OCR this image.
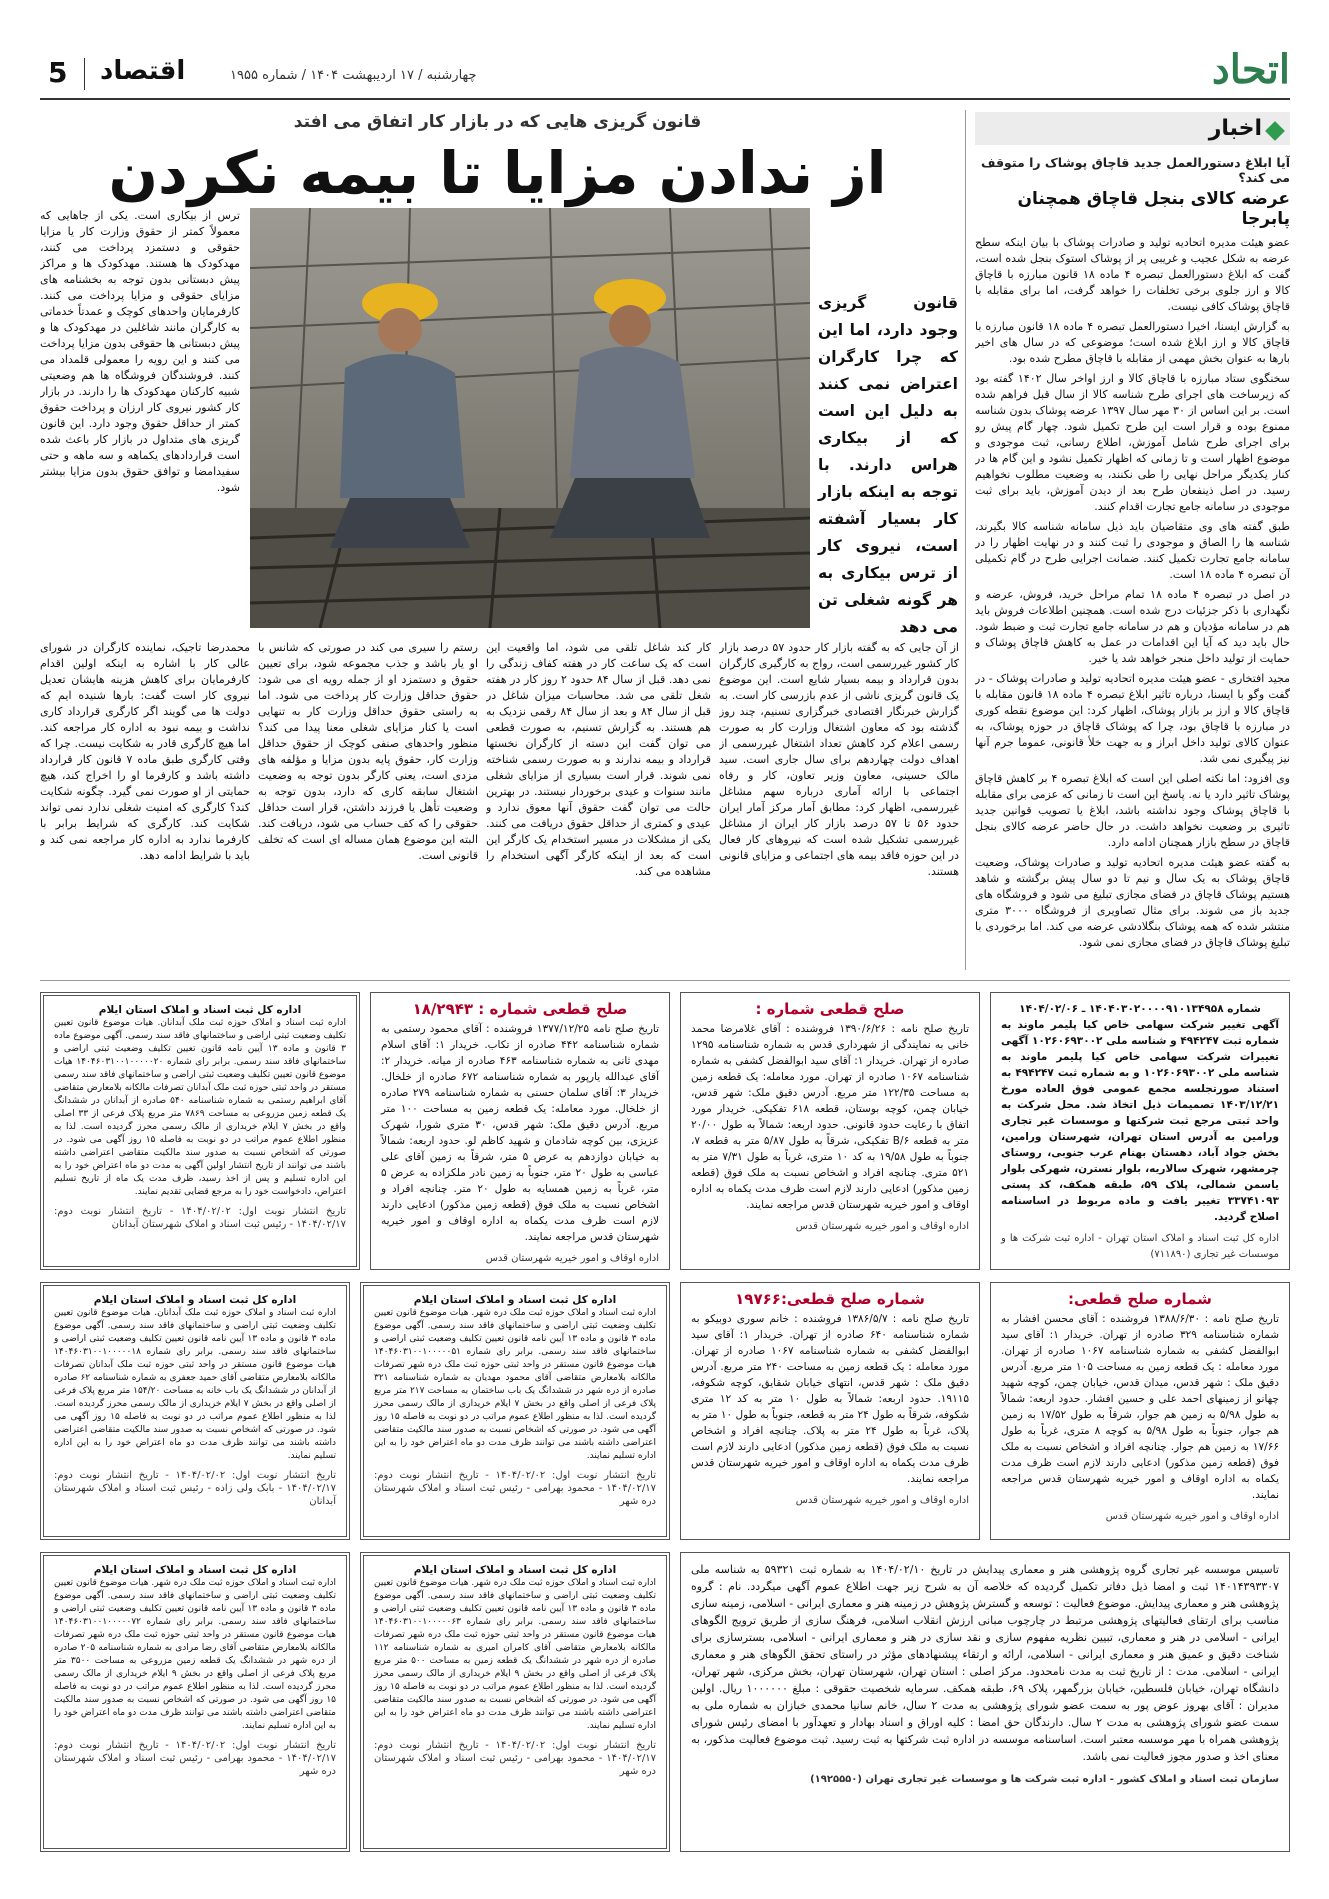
اتحاد
5 اقتصاد	چهارشنبه / ۱۷ اردیبهشت ۱۴۰۴ / شماره ۱۹۵۵
اخبار
آیا ابلاغ دستورالعمل جدید قاچاق پوشاک را متوقف می کند؟
عرضه کالای بنجل قاچاق همچنان پابرجا

عضو هیئت مدیره اتحادیه تولید و صادرات پوشاک با بیان اینکه سطح عرضه به شکل عجیب و غریبی پر از پوشاک استوک بنجل شده است، گفت که ابلاغ دستورالعمل تبصره ۴ ماده ۱۸ قانون مبارزه با قاچاق کالا و ارز جلوی برخی تخلفات را خواهد گرفت، اما برای مقابله با قاچاق پوشاک کافی نیست.

به گزارش ایسنا، اخیرا دستورالعمل تبصره ۴ ماده ۱۸ قانون مبارزه با قاچاق کالا و ارز ابلاغ شده است؛ موضوعی که در سال های اخیر بارها به عنوان بخش مهمی از مقابله با قاچاق مطرح شده بود.

سخنگوی ستاد مبارزه با قاچاق کالا و ارز اواخر سال ۱۴۰۲ گفته بود که زیرساخت های اجرای طرح شناسه کالا از سال قبل فراهم شده است. بر این اساس از ۳۰ مهر سال ۱۳۹۷ عرضه پوشاک بدون شناسه ممنوع بوده و قرار است این طرح تکمیل شود. چهار گام پیش رو برای اجرای طرح شامل آموزش، اطلاع رسانی، ثبت موجودی و موضوع اظهار است و تا زمانی که اظهار تکمیل نشود و این گام ها در کنار یکدیگر مراحل نهایی را طی نکنند، به وضعیت مطلوب نخواهیم رسید. در اصل ذینفعان طرح بعد از دیدن آموزش، باید برای ثبت موجودی در سامانه جامع تجارت اقدام کنند.

طبق گفته های وی متقاضیان باید ذیل سامانه شناسه کالا بگیرند، شناسه ها را الصاق و موجودی را ثبت کنند و در نهایت اظهار را در سامانه جامع تجارت تکمیل کنند. ضمانت اجرایی طرح در گام تکمیلی آن تبصره ۴ ماده ۱۸ است.

در اصل در تبصره ۴ ماده ۱۸ تمام مراحل خرید، فروش، عرضه و نگهداری با ذکر جزئیات درج شده است. همچنین اطلاعات فروش باید هم در سامانه مؤدیان و هم در سامانه جامع تجارت ثبت و ضبط شود. حال باید دید که آیا این اقدامات در عمل به کاهش قاچاق پوشاک و حمایت از تولید داخل منجر خواهد شد یا خیر.

مجید افتخاری - عضو هیئت مدیره اتحادیه تولید و صادرات پوشاک - در گفت وگو با ایسنا، درباره تاثیر ابلاغ تبصره ۴ ماده ۱۸ قانون مقابله با قاچاق کالا و ارز بر بازار پوشاک، اظهار کرد: این موضوع نقطه کوری در مبارزه با قاچاق بود، چرا که پوشاک قاچاق در حوزه پوشاک، به عنوان کالای تولید داخل ابراز و به جهت خلأ قانونی، عموما جرم آنها نیز پیگیری نمی شد.

وی افزود: اما نکته اصلی این است که ابلاغ تبصره ۴ بر کاهش قاچاق پوشاک تاثیر دارد یا نه. پاسخ این است تا زمانی که عزمی برای مقابله با قاچاق پوشاک وجود نداشته باشد، ابلاغ یا تصویب قوانین جدید تاثیری بر وضعیت نخواهد داشت. در حال حاضر عرضه کالای بنجل قاچاق در سطح بازار همچنان ادامه دارد.

به گفته عضو هیئت مدیره اتحادیه تولید و صادرات پوشاک، وضعیت قاچاق پوشاک به یک سال و نیم تا دو سال پیش برگشته و شاهد هستیم پوشاک قاچاق در فضای مجازی تبلیغ می شود و فروشگاه های جدید باز می شوند. برای مثال تصاویری از فروشگاه ۳۰۰۰ متری منتشر شده که همه پوشاک بنگلادشی عرضه می کند. اما برخوردی با تبلیغ پوشاک قاچاق در فضای مجازی نمی شود.

قانون گریزی هایی که در بازار کار اتفاق می افتد
از ندادن مزایا تا بیمه نکردن
قانون گریزی وجود دارد، اما این که چرا کارگران اعتراض نمی کنند به دلیل این است که از بیکاری هراس دارند. با توجه به اینکه بازار کار بسیار آشفته است، نیروی کار از ترس بیکاری به هر گونه شغلی تن می دهد
ترس از بیکاری است. یکی از جاهایی که معمولاً کمتر از حقوق وزارت کار یا مزایا حقوقی و دستمزد پرداخت می کنند، مهدکودک ها هستند. مهدکودک ها و مراکز پیش دبستانی بدون توجه به بخشنامه های مزایای حقوقی و مزایا پرداخت می کنند. کارفرمایان واحدهای کوچک و عمدتاً خدماتی به کارگران مانند شاغلین در مهدکودک ها و پیش دبستانی ها حقوقی بدون مزایا پرداخت می کنند و این رویه را معمولی قلمداد می کنند. فروشندگان فروشگاه ها هم وضعیتی شبیه کارکنان مهدکودک ها را دارند. در بازار کار کشور نیروی کار ارزان و پرداخت حقوق کمتر از حداقل حقوق وجود دارد. این قانون گریزی های متداول در بازار کار باعث شده است قراردادهای یکماهه و سه ماهه و حتی سفیدامضا و توافق حقوق بدون مزایا بیشتر شود.
محمدرضا تاجیک، نماینده کارگران در شورای عالی کار با اشاره به اینکه اولین اقدام کارفرمایان برای کاهش هزینه هایشان تعدیل نیروی کار است گفت: بارها شنیده ایم که دولت ها می گویند اگر کارگری قرارداد کاری نداشت و بیمه نبود به اداره کار مراجعه کند. اما هیچ کارگری قادر به شکایت نیست. چرا که وقتی کارگری طبق ماده ۷ قانون کار قرارداد داشته باشد و کارفرما او را اخراج کند، هیچ حمایتی از او صورت نمی گیرد. چگونه شکایت کند؟ کارگری که امنیت شغلی ندارد نمی تواند شکایت کند. کارگری که شرایط برابر با کارفرما ندارد به اداره کار مراجعه نمی کند و باید با شرایط ادامه دهد.
رستم را سیری می کند در صورتی که شانس با او یار باشد و جذب مجموعه شود، برای تعیین حقوق و دستمزد او از جمله رویه ای می شود: حقوق حداقل وزارت کار پرداخت می شود. اما به راستی حقوق حداقل وزارت کار به تنهایی است یا کنار مزایای شغلی معنا پیدا می کند؟ منظور واحدهای صنفی کوچک از حقوق حداقل وزارت کار، حقوق پایه بدون مزایا و مؤلفه های مزدی است، یعنی کارگر بدون توجه به وضعیت اشتغال سابقه کاری که دارد، بدون توجه به وضعیت تأهل یا فرزند داشتن، قرار است حداقل حقوقی را که کف حساب می شود، دریافت کند. البته این موضوع همان مساله ای است که تخلف قانونی است.
کار کند شاغل تلقی می شود، اما واقعیت این است که یک ساعت کار در هفته کفاف زندگی را نمی دهد. قبل از سال ۸۴ حدود ۲ روز کار در هفته شغل تلقی می شد. محاسبات میزان شاغل در قبل از سال ۸۴ و بعد از سال ۸۴ رقمی نزدیک به هم هستند. به گزارش تسنیم، به صورت قطعی می توان گفت این دسته از کارگران نخستها قرارداد و بیمه ندارند و به صورت رسمی شناخته نمی شوند. قرار است بسیاری از مزایای شغلی مانند سنوات و عیدی برخوردار نیستند. در بهترین حالت می توان گفت حقوق آنها معوق ندارد و عیدی و کمتری از حداقل حقوق دریافت می کنند. یکی از مشکلات در مسیر استخدام یک کارگر این است که بعد از اینکه کارگر آگهی استخدام را مشاهده می کند.
از آن جایی که به گفته بازار کار حدود ۵۷ درصد بازار کار کشور غیررسمی است، رواج به کارگیری کارگران بدون قرارداد و بیمه بسیار شایع است. این موضوع یک قانون گریزی ناشی از عدم بازرسی کار است. به گزارش خبرنگار اقتصادی خبرگزاری تسنیم، چند روز گذشته بود که معاون اشتغال وزارت کار به صورت رسمی اعلام کرد کاهش تعداد اشتغال غیررسمی از اهداف دولت چهاردهم برای سال جاری است. سید مالک حسینی، معاون وزیر تعاون، کار و رفاه اجتماعی با ارائه آماری درباره سهم مشاغل غیررسمی، اظهار کرد: مطابق آمار مرکز آمار ایران حدود ۵۶ تا ۵۷ درصد بازار کار ایران از مشاغل غیررسمی تشکیل شده است که نیروهای کار فعال در این حوزه فاقد بیمه های اجتماعی و مزایای قانونی هستند.
شماره ۱۴۰۴۰۳۰۲۰۰۰۰۹۱۰۱۳۴۹۵۸ ـ ۱۴۰۴/۰۲/۰۶
آگهی تغییر شرکت سهامی خاص کیا پلیمر ماوند به شماره ثبت ۴۹۴۲۴۷ و شناسه ملی ۱۰۲۶۰۶۹۳۰۰۲ آگهی تغییرات شرکت سهامی خاص کیا پلیمر ماوند به شناسه ملی ۱۰۲۶۰۶۹۳۰۰۲ و به شماره ثبت ۴۹۴۲۴۷ به استناد صورتجلسه مجمع عمومی فوق العاده مورخ ۱۴۰۳/۱۲/۲۱ تصمیمات ذیل اتخاذ شد. محل شرکت به واحد ثبتی مرجع ثبت شرکتها و موسسات غیر تجاری ورامین به آدرس استان تهران، شهرستان ورامین، بخش جواد آباد، دهستان بهنام عرب جنوبی، روستای چرمشهر، شهرک سالاریه، بلوار نسترن، شهرکی بلوار یاسمن شمالی، پلاک ۵۹، طبقه همکف، کد پستی ۳۳۷۴۱۰۹۳ تغییر یافت و ماده مربوط در اساسنامه اصلاح گردید.
اداره کل ثبت اسناد و املاک استان تهران - اداره ثبت شرکت ها و موسسات غیر تجاری (۷۱۱۸۹۰)
صلح قطعی شماره :
تاریخ صلح نامه : ۱۳۹۰/۶/۲۶ فروشنده : آقای غلامرضا محمد خانی به نمایندگی از شهرداری قدس به شماره شناسنامه ۱۲۹۵ صادره از تهران. خریدار ۱: آقای سید ابوالفضل کشفی به شماره شناسنامه ۱۰۶۷ صادره از تهران. مورد معامله: یک قطعه زمین به مساحت ۱۲۲/۳۵ متر مربع. آدرس دقیق ملک: شهر قدس، خیابان چمن، کوچه بوستان، قطعه ۶۱۸ تفکیکی. خریدار مورد اتفاق با رعایت حدود قانونی. حدود اربعه: شمالاً به طول ۲۰/۰۰ متر به قطعه ۶/B تفکیکی، شرقاً به طول ۵/۸۷ متر به قطعه ۷، جنوباً به طول ۱۹/۵۸ به کد ۱۰ متری، غرباً به طول ۷/۳۱ متر به ۵۲۱ متری. چنانچه افراد و اشخاص نسبت به ملک فوق (قطعه زمین مذکور) ادعایی دارند لازم است ظرف مدت یکماه به اداره اوقاف و امور خیریه شهرستان قدس مراجعه نمایند.
اداره اوقاف و امور خیریه شهرستان قدس
صلح قطعی شماره : ۱۸/۲۹۴۳
تاریخ صلح نامه ۱۳۷۷/۱۲/۲۵ فروشنده : آقای محمود رستمی به شماره شناسنامه ۴۴۲ صادره از تکاب. خریدار ۱: آقای اسلام مهدی ثانی به شماره شناسنامه ۴۶۳ صادره از میانه. خریدار ۲: آقای عبدالله یارپور به شماره شناسنامه ۶۷۲ صادره از خلخال. خریدار ۳: آقای سلمان حسنی به شماره شناسنامه ۲۷۹ صادره از خلخال. مورد معامله: یک قطعه زمین به مساحت ۱۰۰ متر مربع. آدرس دقیق ملک: شهر قدس، ۳۰ متری شورا، شهرک عزیزی، بین کوچه شادمان و شهید کاظم لو. حدود اربعه: شمالاً به خیابان دوازدهم به عرض ۵ متر، شرقاً به زمین آقای علی عباسی به طول ۲۰ متر، جنوباً به زمین نادر ملکزاده به عرض ۵ متر، غرباً به زمین همسایه به طول ۲۰ متر. چنانچه افراد و اشخاص نسبت به ملک فوق (قطعه زمین مذکور) ادعایی دارند لازم است ظرف مدت یکماه به اداره اوقاف و امور خیریه شهرستان قدس مراجعه نمایند.
اداره اوقاف و امور خیریه شهرستان قدس
اداره کل ثبت اسناد و املاک استان ایلام
اداره ثبت اسناد و املاک حوزه ثبت ملک آبدانان. هیات موضوع قانون تعیین تکلیف وضعیت ثبتی اراضی و ساختمانهای فاقد سند رسمی. آگهی موضوع ماده ۳ قانون و ماده ۱۳ آیین نامه قانون تعیین تکلیف وضعیت ثبتی اراضی و ساختمانهای فاقد سند رسمی. برابر رای شماره ۱۴۰۴۶۰۳۱۰۰۱۰۰۰۰۰۲۰ هیات موضوع قانون تعیین تکلیف وضعیت ثبتی اراضی و ساختمانهای فاقد سند رسمی مستقر در واحد ثبتی حوزه ثبت ملک آبدانان تصرفات مالکانه بلامعارض متقاضی آقای ابراهیم رستمی به شماره شناسنامه ۵۴۰ صادره از آبدانان در ششدانگ یک قطعه زمین مزروعی به مساحت ۷۸۶۹ متر مربع پلاک فرعی از ۳۳ اصلی واقع در بخش ۷ ایلام خریداری از مالک رسمی محرز گردیده است. لذا به منظور اطلاع عموم مراتب در دو نوبت به فاصله ۱۵ روز آگهی می شود. در صورتی که اشخاص نسبت به صدور سند مالکیت متقاضی اعتراضی داشته باشند می توانند از تاریخ انتشار اولین آگهی به مدت دو ماه اعتراض خود را به این اداره تسلیم و پس از اخذ رسید، ظرف مدت یک ماه از تاریخ تسلیم اعتراض، دادخواست خود را به مرجع قضایی تقدیم نمایند.
تاریخ انتشار نوبت اول: ۱۴۰۴/۰۲/۰۲ - تاریخ انتشار نوبت دوم: ۱۴۰۴/۰۲/۱۷ - رئیس ثبت اسناد و املاک شهرستان آبدانان
شماره صلح قطعی:
تاریخ صلح نامه : ۱۳۸۸/۶/۳۰ فروشنده : آقای محسن افشار به شماره شناسنامه ۳۲۹ صادره از تهران. خریدار ۱: آقای سید ابوالفضل کشفی به شماره شناسنامه ۱۰۶۷ صادره از تهران. مورد معامله : یک قطعه زمین به مساحت ۱۰۵ متر مربع. آدرس دقیق ملک : شهر قدس، میدان قدس، خیابان چمن، کوچه شهید چهانو از زمینهای احمد علی و حسین افشار. حدود اربعه: شمالاً به طول ۵/۹۸ به زمین هم جوار، شرقاً به طول ۱۷/۵۲ به زمین هم جوار، جنوباً به طول ۵/۹۸ به کوچه ۸ متری، غرباً به طول ۱۷/۶۶ به زمین هم جوار. چنانچه افراد و اشخاص نسبت به ملک فوق (قطعه زمین مذکور) ادعایی دارند لازم است ظرف مدت یکماه به اداره اوقاف و امور خیریه شهرستان قدس مراجعه نمایند.
اداره اوقاف و امور خیریه شهرستان قدس
شماره صلح قطعی:۱۹۷۶۶
تاریخ صلح نامه : ۱۳۸۶/۵/۷ فروشنده : خانم سوری دوبیکو به شماره شناسنامه ۶۴۰ صادره از تهران. خریدار ۱: آقای سید ابوالفضل کشفی به شماره شناسنامه ۱۰۶۷ صادره از تهران. مورد معامله : یک قطعه زمین به مساحت ۲۴۰ متر مربع. آدرس دقیق ملک : شهر قدس، انتهای خیابان شقایق، کوچه شکوفه، ۱۹۱۱۵. حدود اربعه: شمالاً به طول ۱۰ متر به کد ۱۲ متری شکوفه، شرقاً به طول ۲۴ متر به قطعه، جنوباً به طول ۱۰ متر به پلاک، غرباً به طول ۲۴ متر به پلاک. چنانچه افراد و اشخاص نسبت به ملک فوق (قطعه زمین مذکور) ادعایی دارند لازم است ظرف مدت یکماه به اداره اوقاف و امور خیریه شهرستان قدس مراجعه نمایند.
اداره اوقاف و امور خیریه شهرستان قدس
اداره کل ثبت اسناد و املاک استان ایلام
اداره ثبت اسناد و املاک حوزه ثبت ملک دره شهر. هیات موضوع قانون تعیین تکلیف وضعیت ثبتی اراضی و ساختمانهای فاقد سند رسمی. آگهی موضوع ماده ۳ قانون و ماده ۱۳ آیین نامه قانون تعیین تکلیف وضعیت ثبتی اراضی و ساختمانهای فاقد سند رسمی. برابر رای شماره ۱۴۰۴۶۰۳۱۰۰۱۰۰۰۰۰۵۱ هیات موضوع قانون مستقر در واحد ثبتی حوزه ثبت ملک دره شهر تصرفات مالکانه بلامعارض متقاضی آقای محمود مهدیان به شماره شناسنامه ۳۲۱ صادره از دره شهر در ششدانگ یک باب ساختمان به مساحت ۲۱۷ متر مربع پلاک فرعی از اصلی واقع در بخش ۷ ایلام خریداری از مالک رسمی محرز گردیده است. لذا به منظور اطلاع عموم مراتب در دو نوبت به فاصله ۱۵ روز آگهی می شود. در صورتی که اشخاص نسبت به صدور سند مالکیت متقاضی اعتراضی داشته باشند می توانند ظرف مدت دو ماه اعتراض خود را به این اداره تسلیم نمایند.
تاریخ انتشار نوبت اول: ۱۴۰۴/۰۲/۰۲ - تاریخ انتشار نوبت دوم: ۱۴۰۴/۰۲/۱۷ - محمود بهرامی - رئیس ثبت اسناد و املاک شهرستان دره شهر
اداره کل ثبت اسناد و املاک استان ایلام
اداره ثبت اسناد و املاک حوزه ثبت ملک آبدانان. هیات موضوع قانون تعیین تکلیف وضعیت ثبتی اراضی و ساختمانهای فاقد سند رسمی. آگهی موضوع ماده ۳ قانون و ماده ۱۳ آیین نامه قانون تعیین تکلیف وضعیت ثبتی اراضی و ساختمانهای فاقد سند رسمی. برابر رای شماره ۱۴۰۴۶۰۳۱۰۰۱۰۰۰۰۰۱۸ هیات موضوع قانون مستقر در واحد ثبتی حوزه ثبت ملک آبدانان تصرفات مالکانه بلامعارض متقاضی آقای حمید جعفری به شماره شناسنامه ۶۲ صادره از آبدانان در ششدانگ یک باب خانه به مساحت ۱۵۴/۲۰ متر مربع پلاک فرعی از اصلی واقع در بخش ۷ ایلام خریداری از مالک رسمی محرز گردیده است. لذا به منظور اطلاع عموم مراتب در دو نوبت به فاصله ۱۵ روز آگهی می شود. در صورتی که اشخاص نسبت به صدور سند مالکیت متقاضی اعتراضی داشته باشند می توانند ظرف مدت دو ماه اعتراض خود را به این اداره تسلیم نمایند.
تاریخ انتشار نوبت اول: ۱۴۰۴/۰۲/۰۲ - تاریخ انتشار نوبت دوم: ۱۴۰۴/۰۲/۱۷ - بابک ولی زاده - رئیس ثبت اسناد و املاک شهرستان آبدانان
تاسیس موسسه غیر تجاری گروه پژوهشی هنر و معماری پیدایش در تاریخ ۱۴۰۴/۰۲/۱۰ به شماره ثبت ۵۹۳۲۱ به شناسه ملی ۱۴۰۱۴۳۹۳۳۰۷ ثبت و امضا ذیل دفاتر تکمیل گردیده که خلاصه آن به شرح زیر جهت اطلاع عموم آگهی میگردد. نام : گروه پژوهشی هنر و معماری پیدایش. موضوع فعالیت : توسعه و گسترش پژوهش در زمینه هنر و معماری ایرانی - اسلامی، زمینه سازی مناسب برای ارتقای فعالیتهای پژوهشی مرتبط در چارچوب مبانی ارزش انقلاب اسلامی، فرهنگ سازی از طریق ترویج الگوهای ایرانی - اسلامی در هنر و معماری، تبیین نظریه مفهوم سازی و نقد سازی در هنر و معماری ایرانی - اسلامی، بسترسازی برای شناخت دقیق و عمیق هنر و معماری ایرانی - اسلامی، ارائه و ارتقاء پیشنهادهای مؤثر در راستای تحقق الگوهای هنر و معماری ایرانی - اسلامی. مدت : از تاریخ ثبت به مدت نامحدود. مرکز اصلی : استان تهران، شهرستان تهران، بخش مرکزی، شهر تهران، دانشگاه تهران، خیابان فلسطین، خیابان بزرگمهر، پلاک ۶۹، طبقه همکف. سرمایه شخصیت حقوقی : مبلغ ۱۰۰۰۰۰۰ ریال. اولین مدیران : آقای بهروز عوض پور به سمت عضو شورای پژوهشی به مدت ۲ سال، خانم سانیا محمدی خبازان به شماره ملی به سمت عضو شورای پژوهشی به مدت ۲ سال. دارندگان حق امضا : کلیه اوراق و اسناد بهادار و تعهدآور با امضای رئیس شورای پژوهشی همراه با مهر موسسه معتبر است. اساسنامه موسسه در اداره ثبت شرکتها به ثبت رسید. ثبت موضوع فعالیت مذکور، به معنای اخذ و صدور مجوز فعالیت نمی باشد.
سازمان ثبت اسناد و املاک کشور - اداره ثبت شرکت ها و موسسات غیر تجاری تهران (۱۹۲۵۵۵۰)
اداره کل ثبت اسناد و املاک استان ایلام
اداره ثبت اسناد و املاک حوزه ثبت ملک دره شهر. هیات موضوع قانون تعیین تکلیف وضعیت ثبتی اراضی و ساختمانهای فاقد سند رسمی. آگهی موضوع ماده ۳ قانون و ماده ۱۳ آیین نامه قانون تعیین تکلیف وضعیت ثبتی اراضی و ساختمانهای فاقد سند رسمی. برابر رای شماره ۱۴۰۴۶۰۳۱۰۰۱۰۰۰۰۰۶۳ هیات موضوع قانون مستقر در واحد ثبتی حوزه ثبت ملک دره شهر تصرفات مالکانه بلامعارض متقاضی آقای کامران امیری به شماره شناسنامه ۱۱۲ صادره از دره شهر در ششدانگ یک قطعه زمین به مساحت ۵۰۰ متر مربع پلاک فرعی از اصلی واقع در بخش ۹ ایلام خریداری از مالک رسمی محرز گردیده است. لذا به منظور اطلاع عموم مراتب در دو نوبت به فاصله ۱۵ روز آگهی می شود. در صورتی که اشخاص نسبت به صدور سند مالکیت متقاضی اعتراضی داشته باشند می توانند ظرف مدت دو ماه اعتراض خود را به این اداره تسلیم نمایند.
تاریخ انتشار نوبت اول: ۱۴۰۴/۰۲/۰۲ - تاریخ انتشار نوبت دوم: ۱۴۰۴/۰۲/۱۷ - محمود بهرامی - رئیس ثبت اسناد و املاک شهرستان دره شهر
اداره کل ثبت اسناد و املاک استان ایلام
اداره ثبت اسناد و املاک حوزه ثبت ملک دره شهر. هیات موضوع قانون تعیین تکلیف وضعیت ثبتی اراضی و ساختمانهای فاقد سند رسمی. آگهی موضوع ماده ۳ قانون و ماده ۱۳ آیین نامه قانون تعیین تکلیف وضعیت ثبتی اراضی و ساختمانهای فاقد سند رسمی. برابر رای شماره ۱۴۰۴۶۰۳۱۰۰۱۰۰۰۰۰۷۲ هیات موضوع قانون مستقر در واحد ثبتی حوزه ثبت ملک دره شهر تصرفات مالکانه بلامعارض متقاضی آقای رضا مرادی به شماره شناسنامه ۲۰۵ صادره از دره شهر در ششدانگ یک قطعه زمین مزروعی به مساحت ۳۵۰۰ متر مربع پلاک فرعی از اصلی واقع در بخش ۹ ایلام خریداری از مالک رسمی محرز گردیده است. لذا به منظور اطلاع عموم مراتب در دو نوبت به فاصله ۱۵ روز آگهی می شود. در صورتی که اشخاص نسبت به صدور سند مالکیت متقاضی اعتراضی داشته باشند می توانند ظرف مدت دو ماه اعتراض خود را به این اداره تسلیم نمایند.
تاریخ انتشار نوبت اول: ۱۴۰۴/۰۲/۰۲ - تاریخ انتشار نوبت دوم: ۱۴۰۴/۰۲/۱۷ - محمود بهرامی - رئیس ثبت اسناد و املاک شهرستان دره شهر
